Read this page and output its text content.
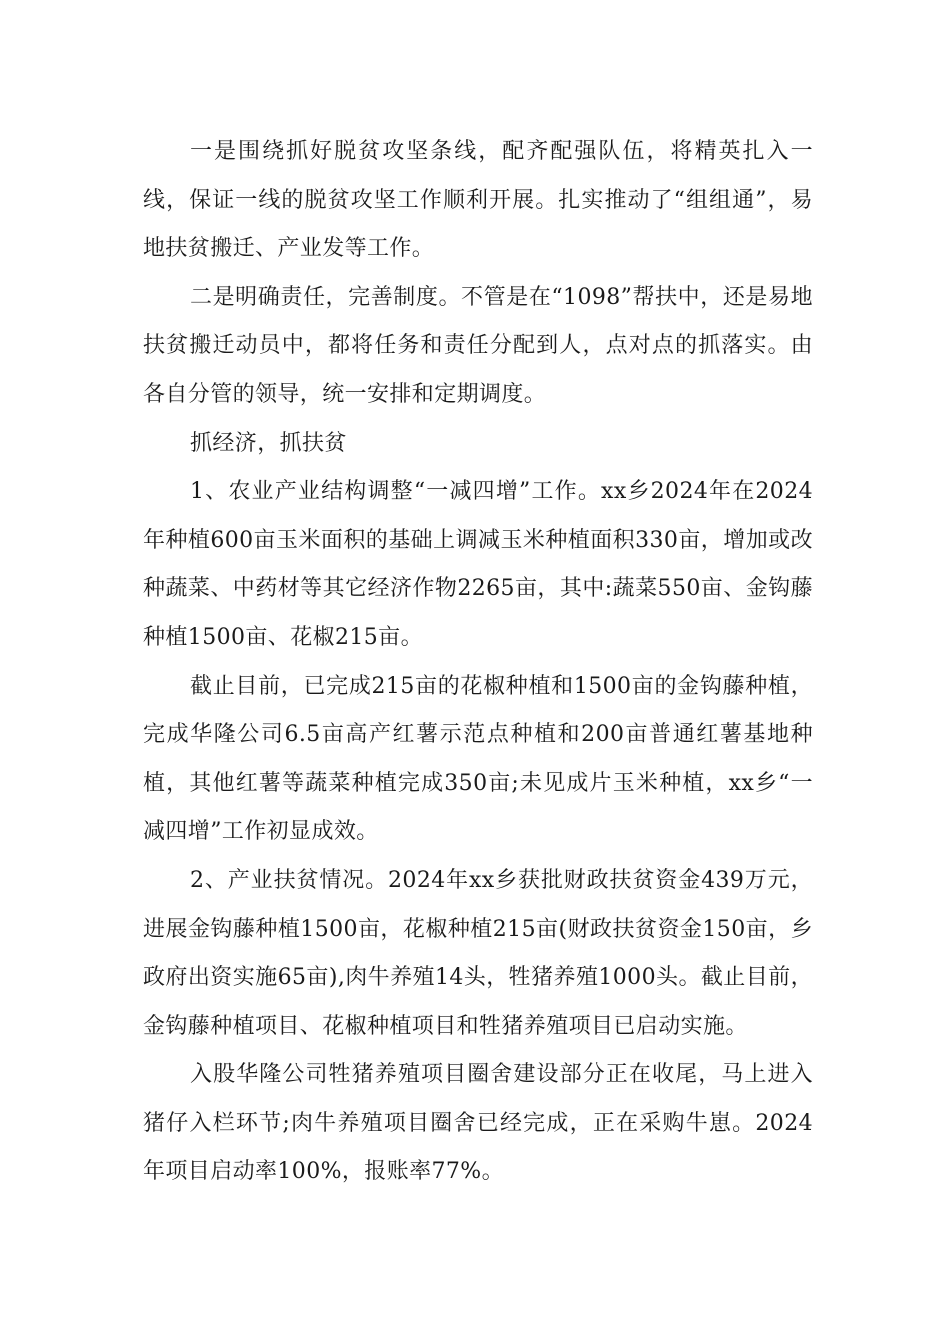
一是围绕抓好脱贫攻坚条线，配齐配强队伍，将精英扎入一线，保证一线的脱贫攻坚工作顺利开展。扎实推动了“组组通”，易地扶贫搬迁、产业发等工作。

二是明确责任，完善制度。不管是在“1098”帮扶中，还是易地扶贫搬迁动员中，都将任务和责任分配到人，点对点的抓落实。由各自分管的领导，统一安排和定期调度。

抓经济，抓扶贫

1、农业产业结构调整“一减四增”工作。xx乡2024年在2024年种植600亩玉米面积的基础上调减玉米种植面积330亩，增加或改种蔬菜、中药材等其它经济作物2265亩，其中:蔬菜550亩、金钩藤种植1500亩、花椒215亩。

截止目前，已完成215亩的花椒种植和1500亩的金钩藤种植，完成华隆公司6.5亩高产红薯示范点种植和200亩普通红薯基地种植，其他红薯等蔬菜种植完成350亩;未见成片玉米种植，xx乡“一减四增”工作初显成效。

2、产业扶贫情况。2024年xx乡获批财政扶贫资金439万元，进展金钩藤种植1500亩，花椒种植215亩(财政扶贫资金150亩，乡政府出资实施65亩),肉牛养殖14头，牲猪养殖1000头。截止目前，金钩藤种植项目、花椒种植项目和牲猪养殖项目已启动实施。

入股华隆公司牲猪养殖项目圈舍建设部分正在收尾，马上进入猪仔入栏环节;肉牛养殖项目圈舍已经完成，正在采购牛崽。2024年项目启动率100%，报账率77%。
